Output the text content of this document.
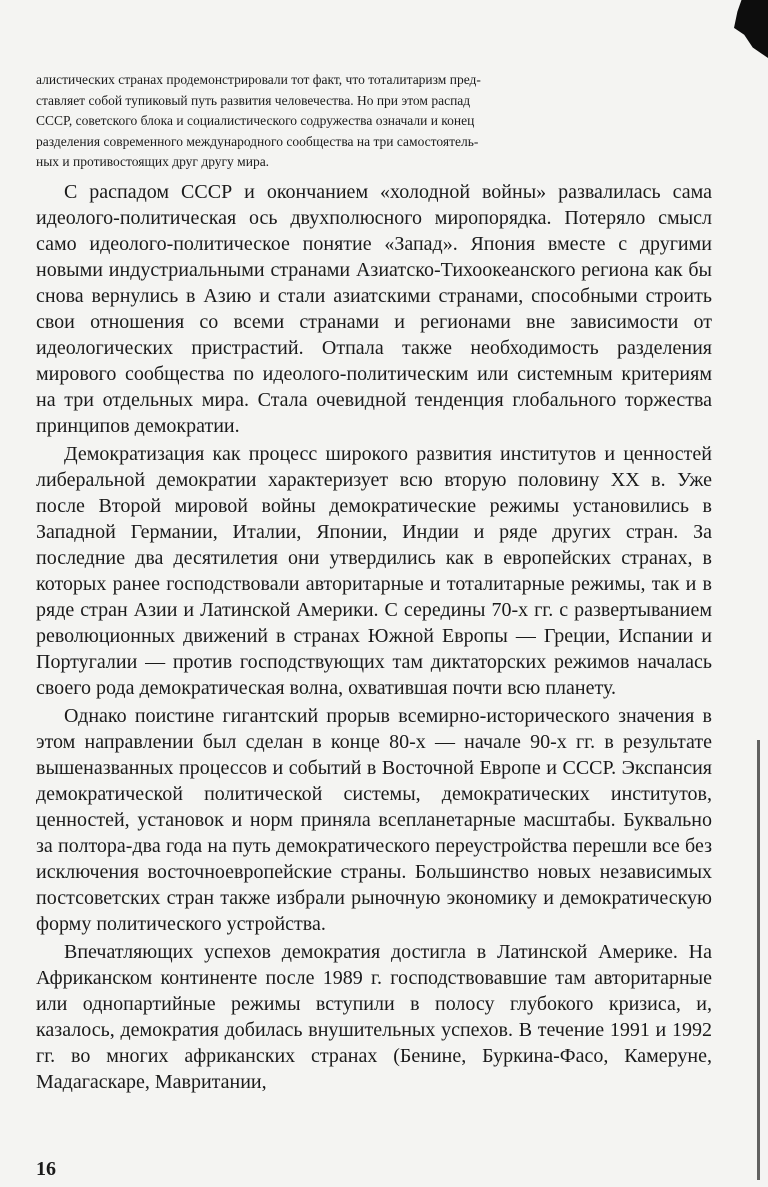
алистических странах продемонстрировали тот факт, что тоталитаризм пред-
ставляет собой тупиковый путь развития человечества. Но при этом распад
СССР, советского блока и социалистического содружества означали и конец
разделения современного международного сообщества на три самостоятель-
ных и противостоящих друг другу мира.

С распадом СССР и окончанием «холодной войны» развалилась сама идеолого-политическая ось двухполюсного миропорядка. Потеряло смысл само идеолого-политическое понятие «Запад». Япония вместе с другими новыми индустриальными странами Азиатско-Тихоокеанского региона как бы снова вернулись в Азию и стали азиатскими странами, способными строить свои отношения со всеми странами и регионами вне зависимости от идеологических пристрастий. Отпала также необходимость разделения мирового сообщества по идеолого-политическим или системным критериям на три отдельных мира. Стала очевидной тенденция глобального торжества принципов демократии.

Демократизация как процесс широкого развития институтов и ценностей либеральной демократии характеризует всю вторую половину XX в. Уже после Второй мировой войны демократические режимы установились в Западной Германии, Италии, Японии, Индии и ряде других стран. За последние два десятилетия они утвердились как в европейских странах, в которых ранее господствовали авторитарные и тоталитарные режимы, так и в ряде стран Азии и Латинской Америки. С середины 70-х гг. с развертыванием революционных движений в странах Южной Европы — Греции, Испании и Португалии — против господствующих там диктаторских режимов началась своего рода демократическая волна, охватившая почти всю планету.

Однако поистине гигантский прорыв всемирно-исторического значения в этом направлении был сделан в конце 80-х — начале 90-х гг. в результате вышеназванных процессов и событий в Восточной Европе и СССР. Экспансия демократической политической системы, демократических институтов, ценностей, установок и норм приняла всепланетарные масштабы. Буквально за полтора-два года на путь демократического переустройства перешли все без исключения восточноевропейские страны. Большинство новых независимых постсоветских стран также избрали рыночную экономику и демократическую форму политического устройства.

Впечатляющих успехов демократия достигла в Латинской Америке. На Африканском континенте после 1989 г. господствовавшие там авторитарные или однопартийные режимы вступили в полосу глубокого кризиса, и, казалось, демократия добилась внушительных успехов. В течение 1991 и 1992 гг. во многих африканских странах (Бенине, Буркина-Фасо, Камеруне, Мадагаскаре, Мавритании,

16
